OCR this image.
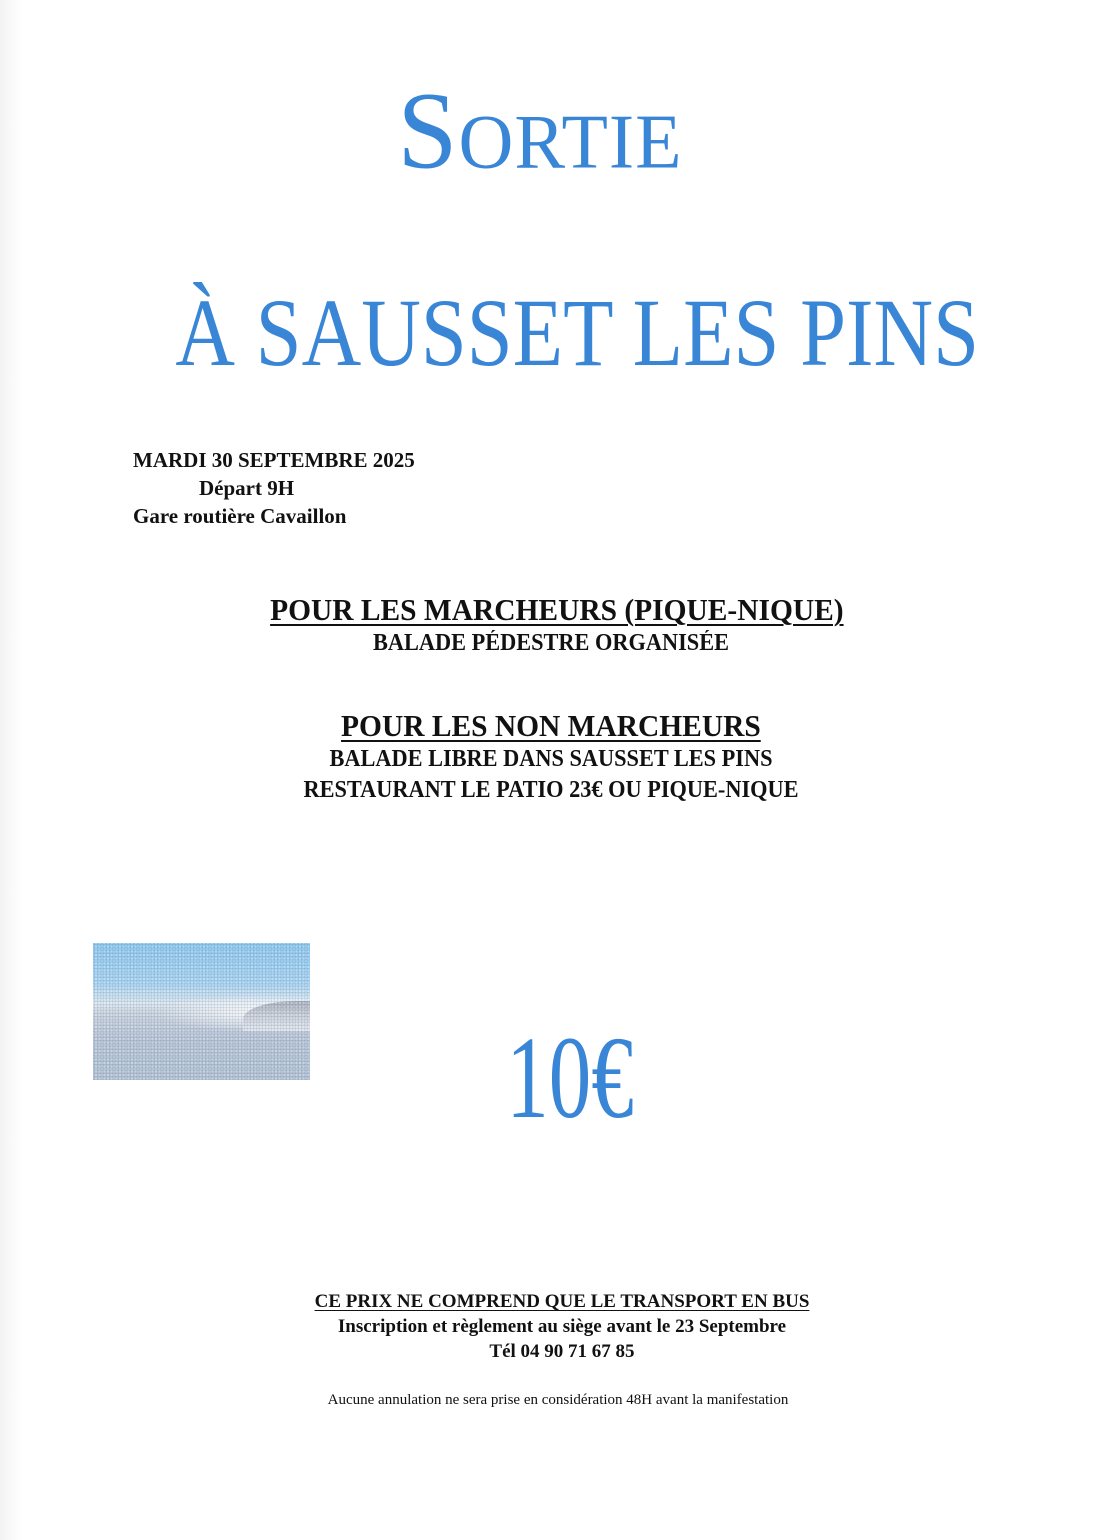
Sortie
À SAUSSET LES PINS
MARDI 30 SEPTEMBRE 2025
Départ 9H
Gare routière Cavaillon
POUR LES MARCHEURS (PIQUE-NIQUE)
BALADE PÉDESTRE ORGANISÉE
POUR LES NON MARCHEURS
BALADE LIBRE DANS SAUSSET LES PINS
RESTAURANT LE PATIO 23€ OU PIQUE-NIQUE
10€
CE PRIX NE COMPREND QUE LE TRANSPORT EN BUS
Inscription et règlement au siège avant le 23 Septembre
Tél 04 90 71 67 85
Aucune annulation ne sera prise en considération 48H avant la manifestation
